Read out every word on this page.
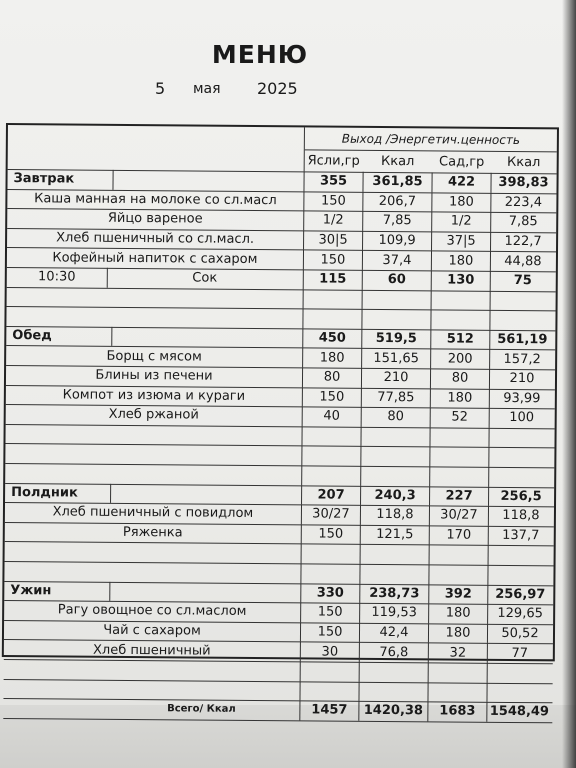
МЕНЮ
5 мая 2025
Выход /Энергетич.ценность
Ясли,гр	Ккал	Сад,гр	Ккал
Завтрак	355	361,85	422	398,83
Каша манная на молоке со сл.масл	150	206,7	180	223,4
Яйцо вареное	1/2	7,85	1/2	7,85
Хлеб пшеничный со сл.масл.	30|5	109,9	37|5	122,7
Кофейный напиток с сахаром	150	37,4	180	44,88
10:30	Сок	115	60	130	75
Обед	450	519,5	512	561,19
Борщ с мясом	180	151,65	200	157,2
Блины из печени	80	210	80	210
Компот из изюма и кураги	150	77,85	180	93,99
Хлеб ржаной	40	80	52	100
Полдник	207	240,3	227	256,5
Хлеб пшеничный с повидлом	30/27	118,8	30/27	118,8
Ряженка	150	121,5	170	137,7
Ужин	330	238,73	392	256,97
Рагу овощное со сл.маслом	150	119,53	180	129,65
Чай с сахаром	150	42,4	180	50,52
Хлеб пшеничный	30	76,8	32	77
Всего/ Ккал	1457	1420,38	1683	1548,49
